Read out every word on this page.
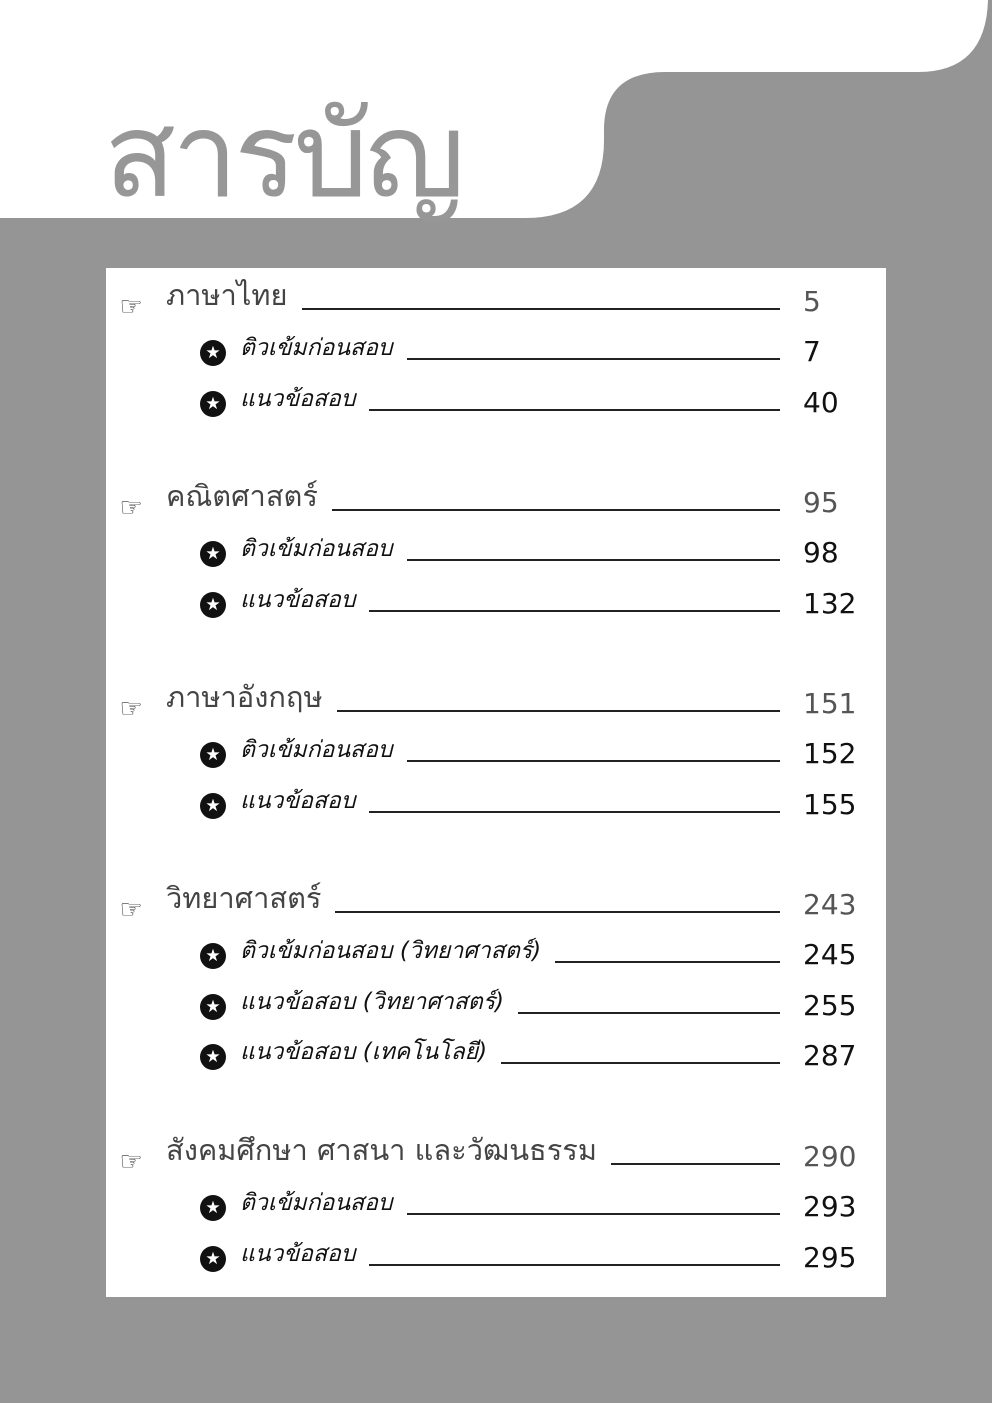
สารบัญ
☞ ภาษาไทย	5
★ ติวเข้มก่อนสอบ	7
★ แนวข้อสอบ	40
☞ คณิตศาสตร์	95
★ ติวเข้มก่อนสอบ	98
★ แนวข้อสอบ	132
☞ ภาษาอังกฤษ	151
★ ติวเข้มก่อนสอบ	152
★ แนวข้อสอบ	155
☞ วิทยาศาสตร์	243
★ ติวเข้มก่อนสอบ (วิทยาศาสตร์)	245
★ แนวข้อสอบ (วิทยาศาสตร์)	255
★ แนวข้อสอบ (เทคโนโลยี)	287
☞ สังคมศึกษา ศาสนา และวัฒนธรรม	290
★ ติวเข้มก่อนสอบ	293
★ แนวข้อสอบ	295
